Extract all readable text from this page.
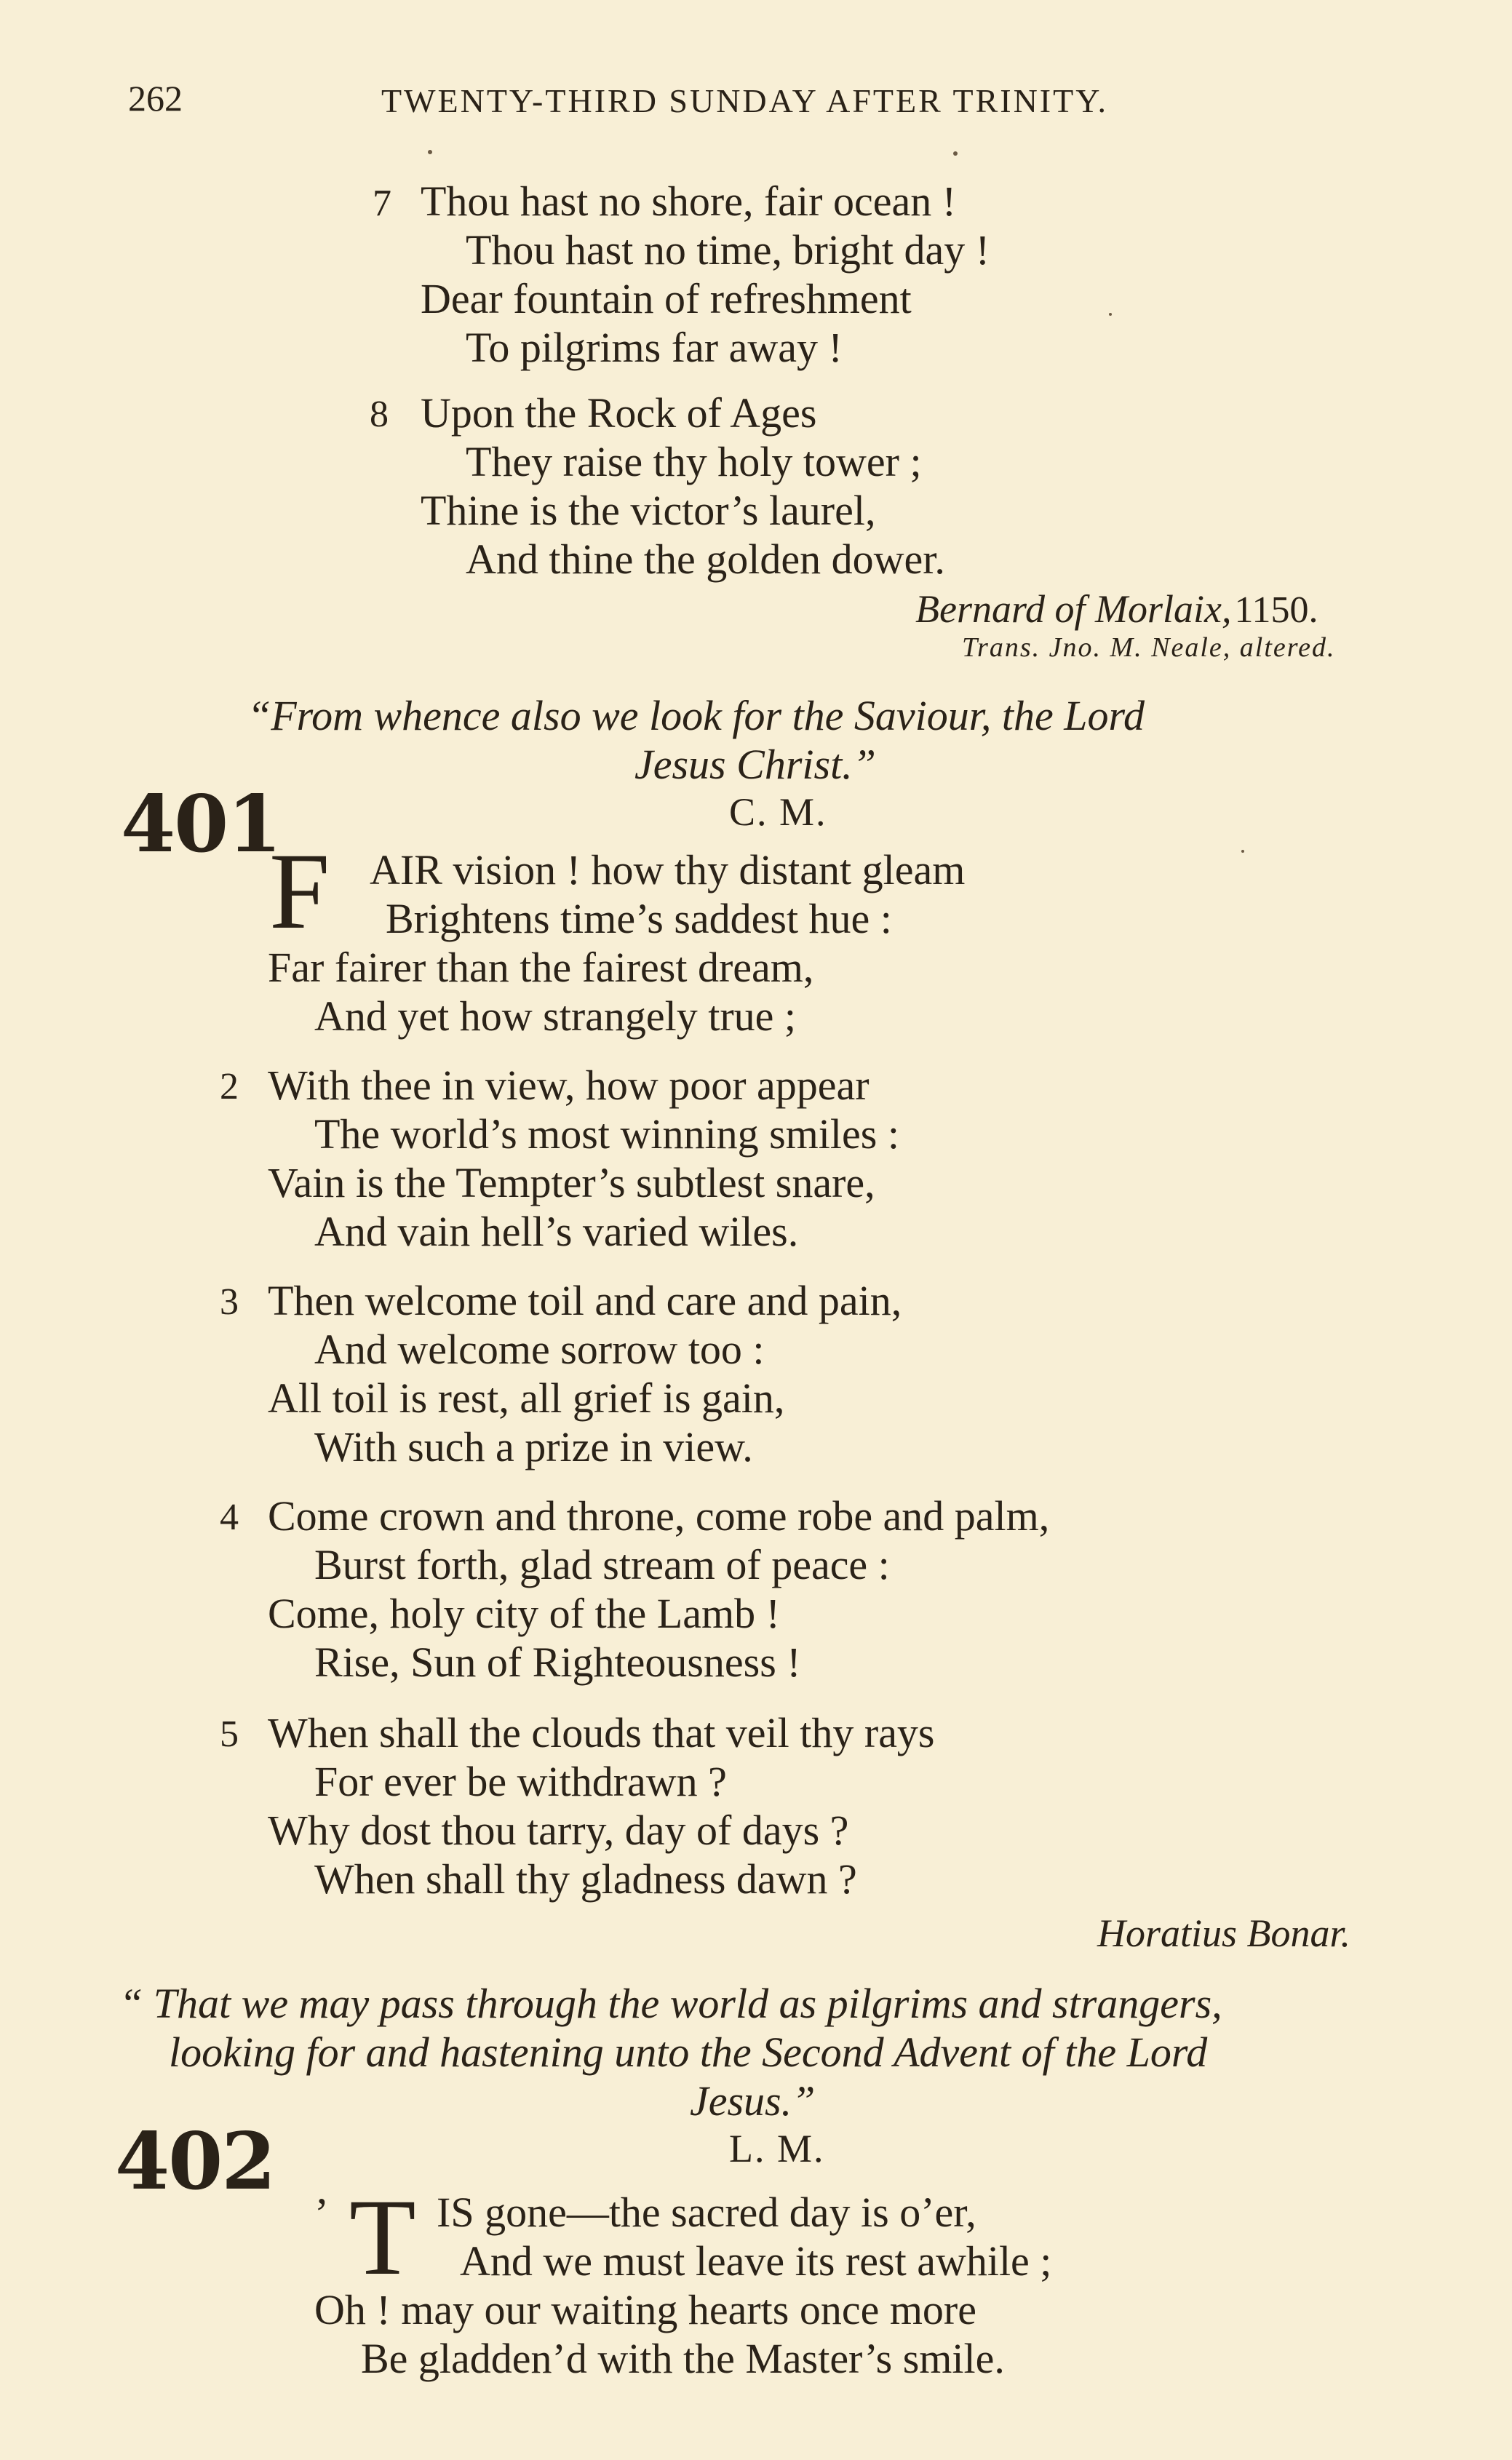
262	TWENTY-THIRD SUNDAY AFTER TRINITY.
7 Thou hast no shore, fair ocean !
Thou hast no time, bright day !
Dear fountain of refreshment
To pilgrims far away !
8 Upon the Rock of Ages
They raise thy holy tower ;
Thine is the victor’s laurel,
And thine the golden dower.
Bernard of Morlaix, 1150.
Trans. Jno. M. Neale, altered.
“From whence also we look for the Saviour, the Lord
Jesus Christ.”
401	C. M.
F AIR vision ! how thy distant gleam
Brightens time’s saddest hue :
Far fairer than the fairest dream,
And yet how strangely true ;
2 With thee in view, how poor appear
The world’s most winning smiles :
Vain is the Tempter’s subtlest snare,
And vain hell’s varied wiles.
3 Then welcome toil and care and pain,
And welcome sorrow too :
All toil is rest, all grief is gain,
With such a prize in view.
4 Come crown and throne, come robe and palm,
Burst forth, glad stream of peace :
Come, holy city of the Lamb !
Rise, Sun of Righteousness !
5 When shall the clouds that veil thy rays
For ever be withdrawn ?
Why dost thou tarry, day of days ?
When shall thy gladness dawn ?
Horatius Bonar.
“ That we may pass through the world as pilgrims and strangers,
looking for and hastening unto the Second Advent of the Lord
Jesus.”
402	L. M.
’ T IS gone—the sacred day is o’er,
And we must leave its rest awhile ;
Oh ! may our waiting hearts once more
Be gladden’d with the Master’s smile.
